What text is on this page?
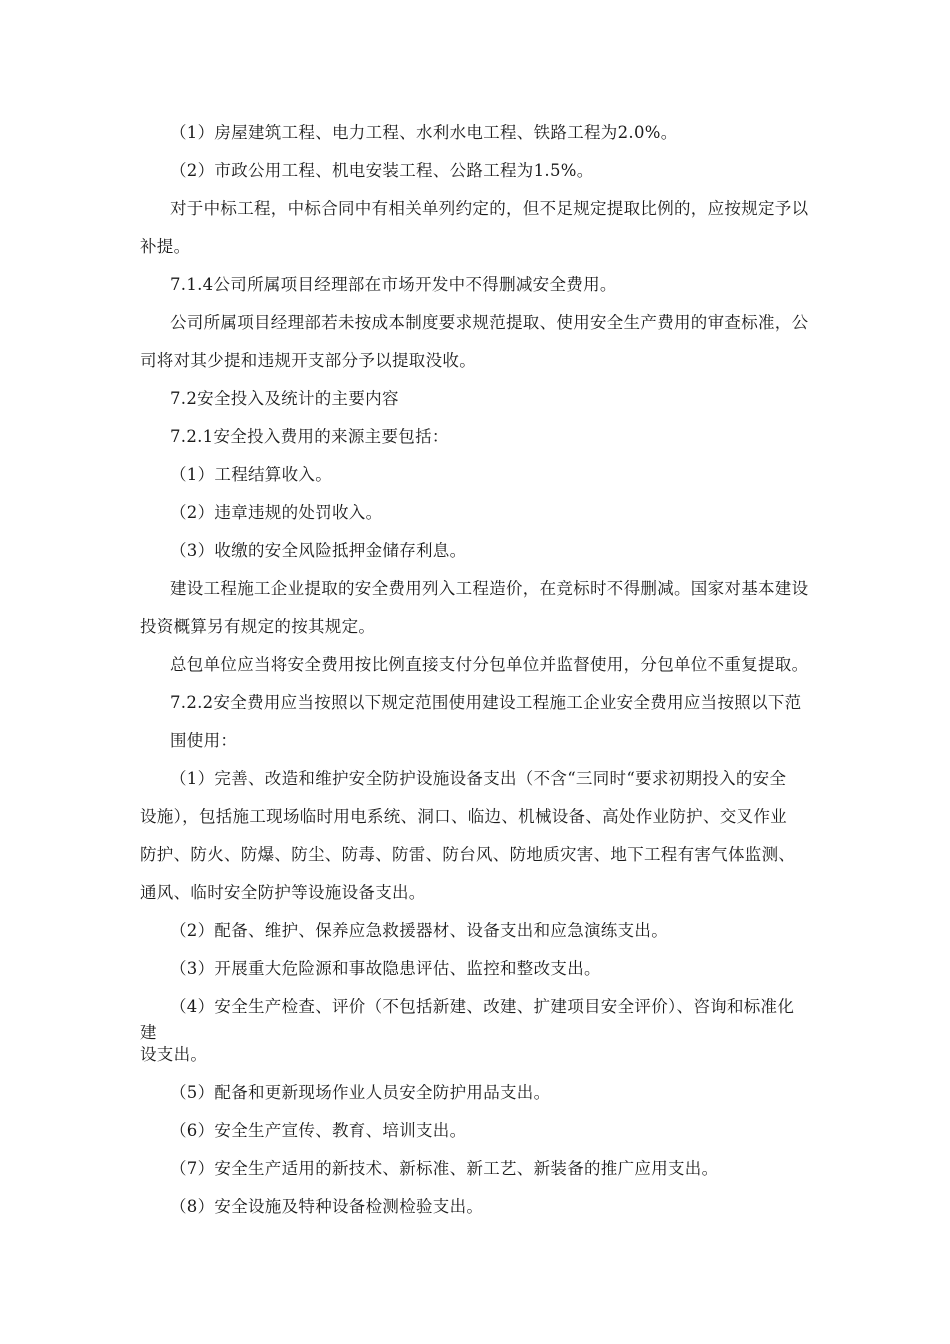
（1）房屋建筑工程、电力工程、水利水电工程、铁路工程为2.0%。
（2）市政公用工程、机电安装工程、公路工程为1.5%。
对于中标工程，中标合同中有相关单列约定的，但不足规定提取比例的，应按规定予以
补提。
7.1.4公司所属项目经理部在市场开发中不得删减安全费用。
公司所属项目经理部若未按成本制度要求规范提取、使用安全生产费用的审查标准，公
司将对其少提和违规开支部分予以提取没收。
7.2安全投入及统计的主要内容
7.2.1安全投入费用的来源主要包括：
（1）工程结算收入。
（2）违章违规的处罚收入。
（3）收缴的安全风险抵押金储存利息。
建设工程施工企业提取的安全费用列入工程造价，在竞标时不得删减。国家对基本建设
投资概算另有规定的按其规定。
总包单位应当将安全费用按比例直接支付分包单位并监督使用，分包单位不重复提取。
7.2.2安全费用应当按照以下规定范围使用建设工程施工企业安全费用应当按照以下范
围使用：
（1）完善、改造和维护安全防护设施设备支出（不含“三同时“要求初期投入的安全
设施），包括施工现场临时用电系统、洞口、临边、机械设备、高处作业防护、交叉作业
防护、防火、防爆、防尘、防毒、防雷、防台风、防地质灾害、地下工程有害气体监测、
通风、临时安全防护等设施设备支出。
（2）配备、维护、保养应急救援器材、设备支出和应急演练支出。
（3）开展重大危险源和事故隐患评估、监控和整改支出。
（4）安全生产检查、评价（不包括新建、改建、扩建项目安全评价）、咨询和标准化
建
设支出。
（5）配备和更新现场作业人员安全防护用品支出。
（6）安全生产宣传、教育、培训支出。
（7）安全生产适用的新技术、新标准、新工艺、新装备的推广应用支出。
（8）安全设施及特种设备检测检验支出。
